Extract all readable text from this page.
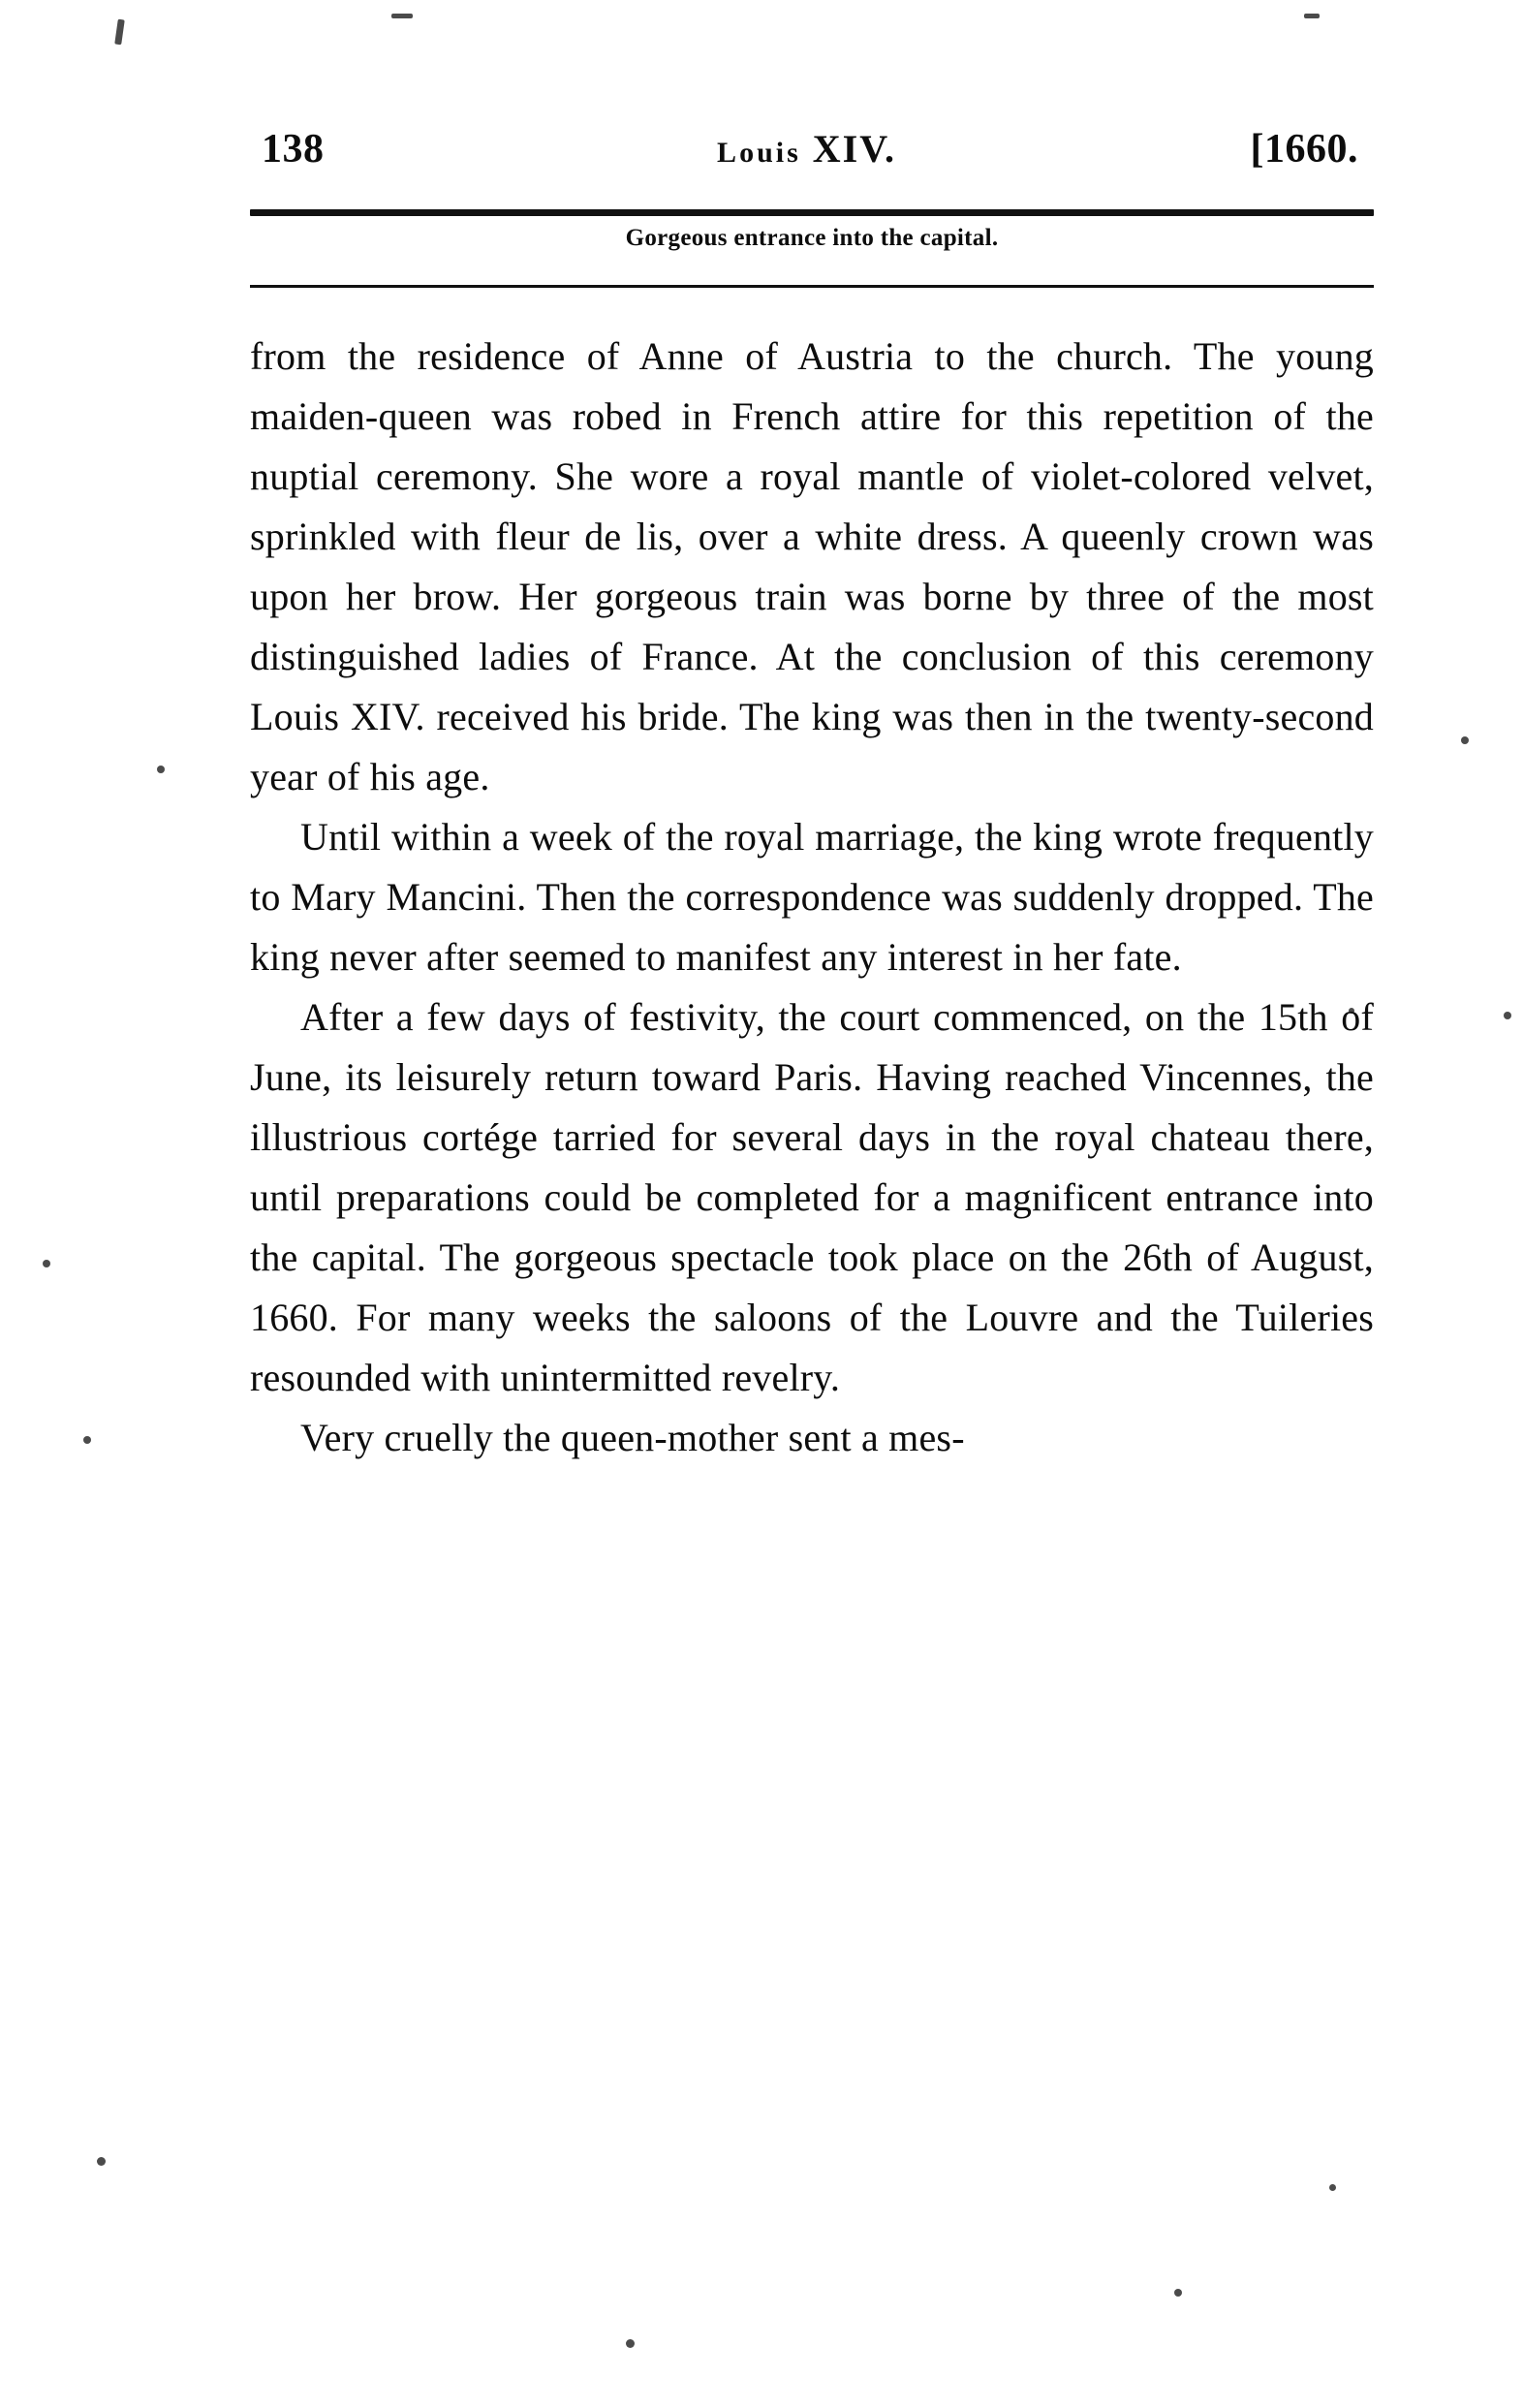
138	Louis XIV.	[1660.
Gorgeous entrance into the capital.

from the residence of Anne of Austria to the church. The young maiden-queen was robed in French attire for this repetition of the nuptial ceremony. She wore a royal mantle of violet-colored velvet, sprinkled with fleur de lis, over a white dress. A queenly crown was upon her brow. Her gorgeous train was borne by three of the most distinguished ladies of France. At the conclusion of this ceremony Louis XIV. received his bride. The king was then in the twenty-second year of his age.

Until within a week of the royal marriage, the king wrote frequently to Mary Mancini. Then the correspondence was suddenly dropped. The king never after seemed to manifest any interest in her fate.

After a few days of festivity, the court commenced, on the 15th of June, its leisurely return toward Paris. Having reached Vincennes, the illustrious cortége tarried for several days in the royal chateau there, until preparations could be completed for a magnificent entrance into the capital. The gorgeous spectacle took place on the 26th of August, 1660. For many weeks the saloons of the Louvre and the Tuileries resounded with unintermitted revelry.

Very cruelly the queen-mother sent a mes-
